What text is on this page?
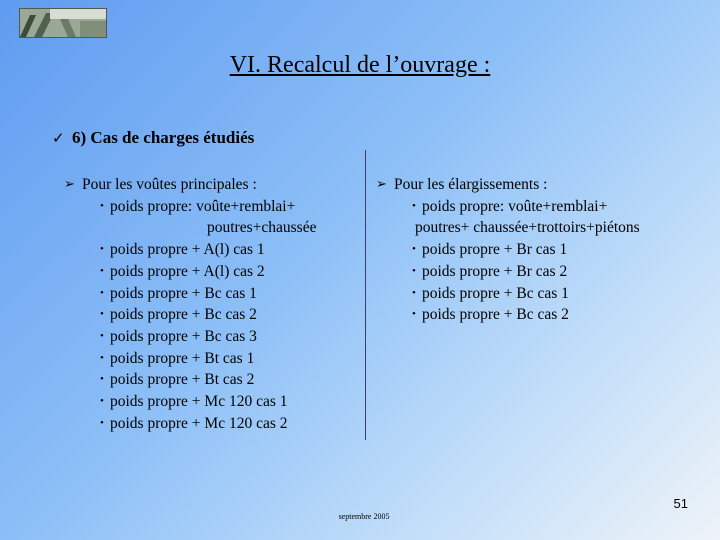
VI. Recalcul de l’ouvrage :
✓ 6) Cas de charges étudiés
➢ Pour les voûtes principales :
• poids propre: voûte+remblai+
poutres+chaussée
• poids propre + A(l) cas 1
• poids propre + A(l) cas 2
• poids propre + Bc cas 1
• poids propre + Bc cas 2
• poids propre + Bc cas 3
• poids propre + Bt cas 1
• poids propre + Bt cas 2
• poids propre + Mc 120 cas 1
• poids propre + Mc 120 cas 2
➢ Pour les élargissements :
• poids propre: voûte+remblai+
poutres+ chaussée+trottoirs+piétons
• poids propre + Br cas 1
• poids propre + Br cas 2
• poids propre + Bc cas 1
• poids propre + Bc cas 2
septembre 2005
51
